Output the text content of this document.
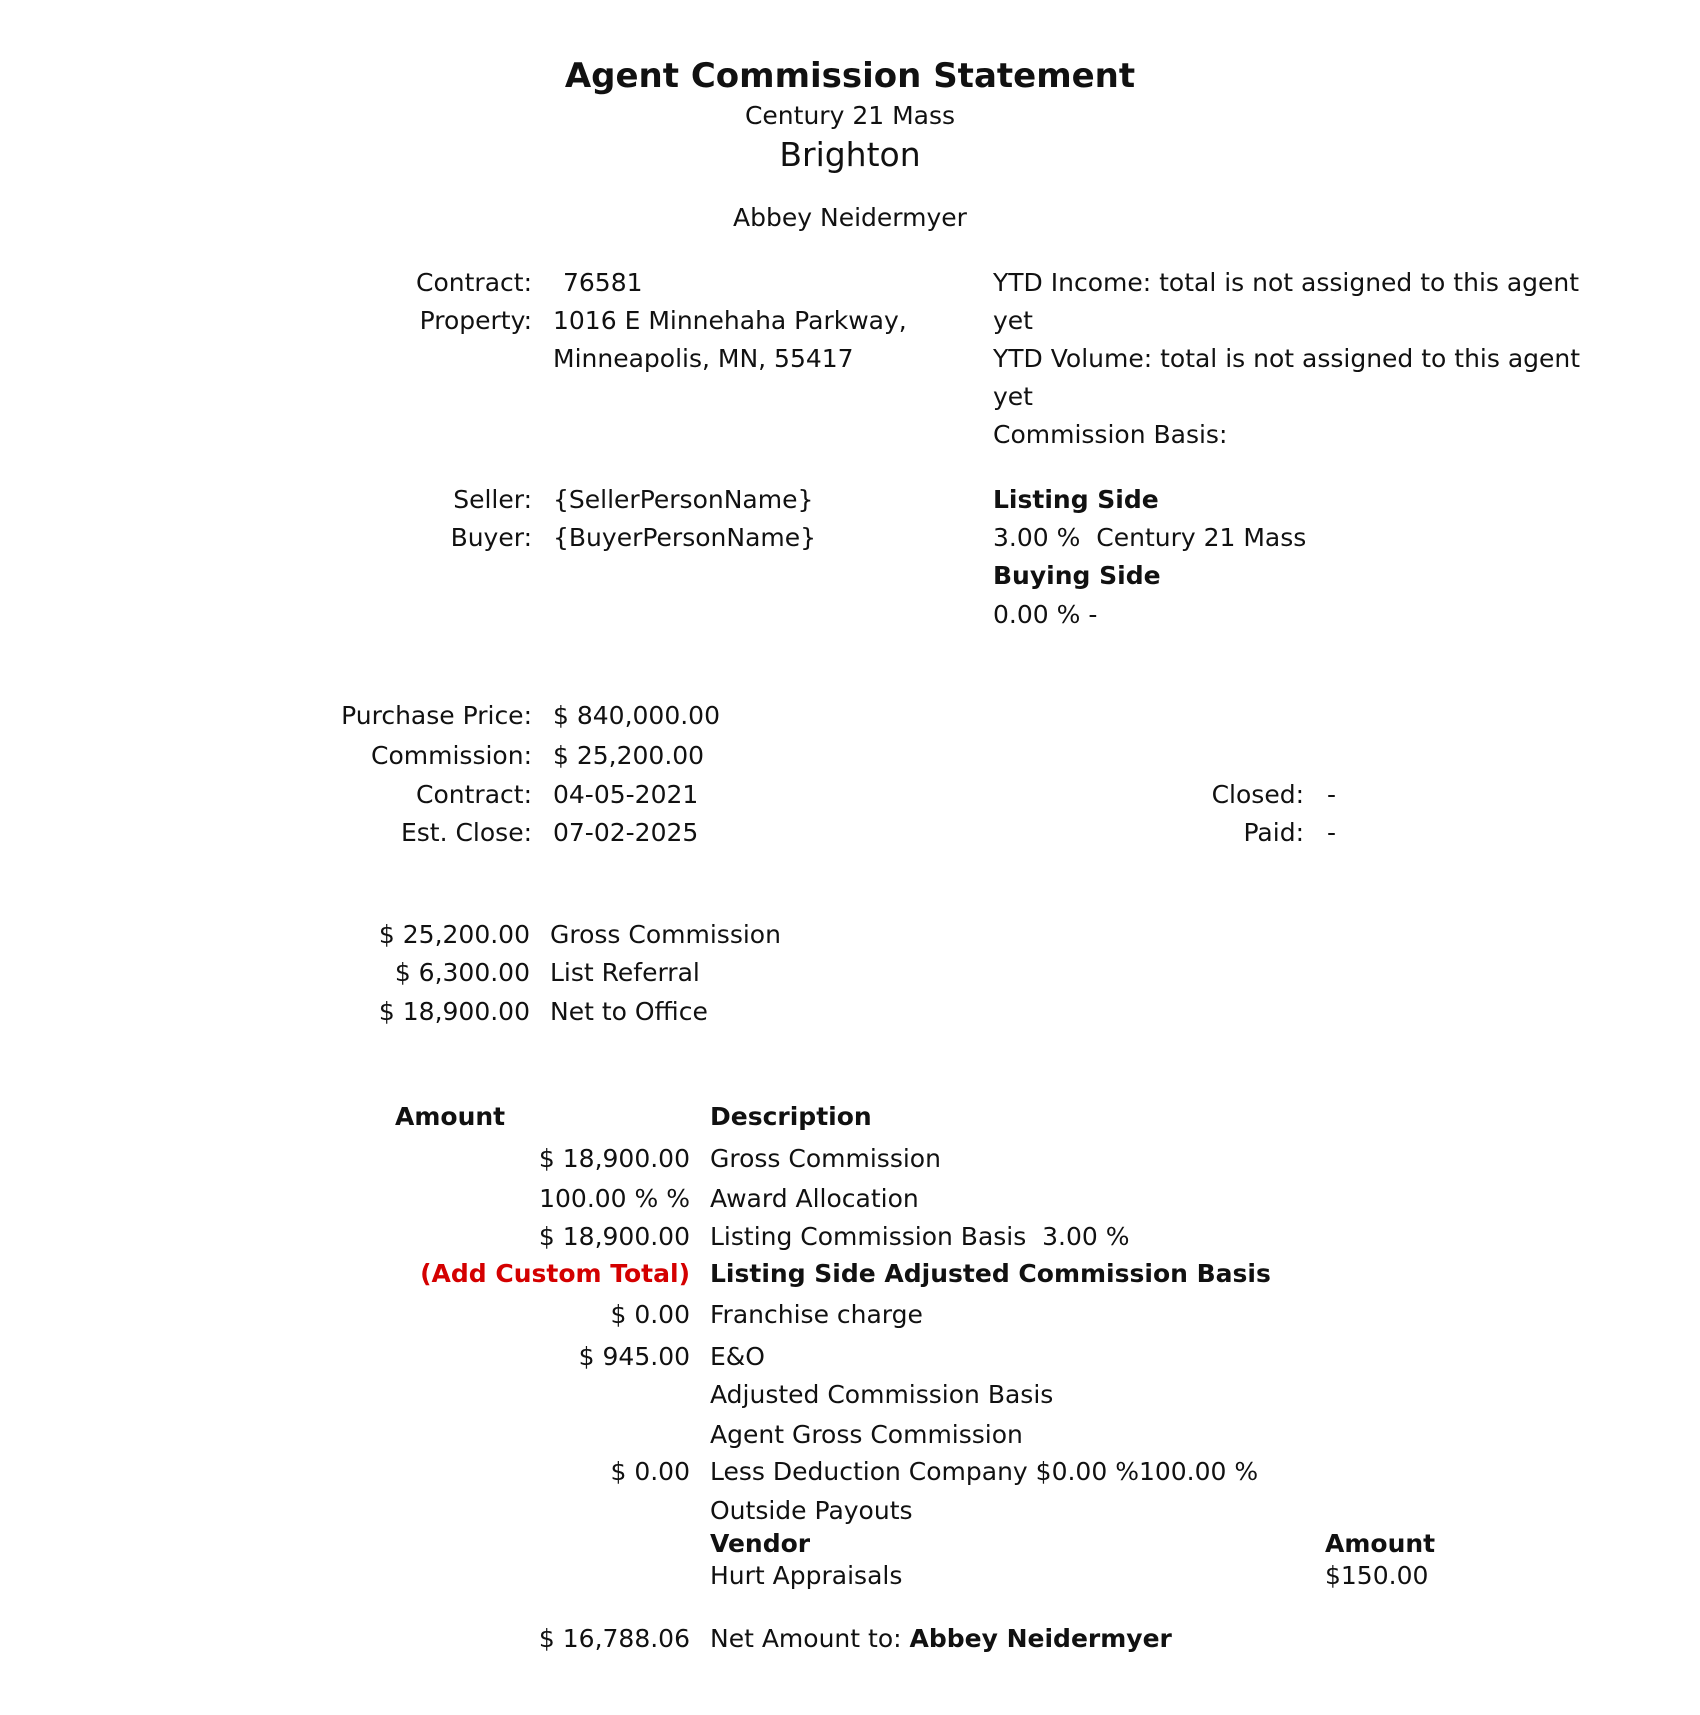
Agent Commission Statement
Century 21 Mass
Brighton
Abbey Neidermyer
Contract: 76581
Property: 1016 E Minnehaha Parkway,
Minneapolis, MN, 55417
YTD Income: total is not assigned to this agent
yet
YTD Volume: total is not assigned to this agent
yet
Commission Basis:
Seller: {SellerPersonName}
Buyer: {BuyerPersonName}
Listing Side
3.00 %  Century 21 Mass
Buying Side
0.00 % -
Purchase Price: $ 840,000.00
Commission: $ 25,200.00
Contract: 04-05-2021
Est. Close: 07-02-2025
Closed: -
Paid: -
$ 25,200.00 Gross Commission
$ 6,300.00 List Referral
$ 18,900.00 Net to Office
Amount	Description
$ 18,900.00 Gross Commission
100.00 % % Award Allocation
$ 18,900.00 Listing Commission Basis  3.00 %
(Add Custom Total) Listing Side Adjusted Commission Basis
$ 0.00 Franchise charge
$ 945.00 E&O
Adjusted Commission Basis
Agent Gross Commission
$ 0.00 Less Deduction Company $0.00 %100.00 %
Outside Payouts
Vendor	Amount
Hurt Appraisals	$150.00
$ 16,788.06 Net Amount to: Abbey Neidermyer
